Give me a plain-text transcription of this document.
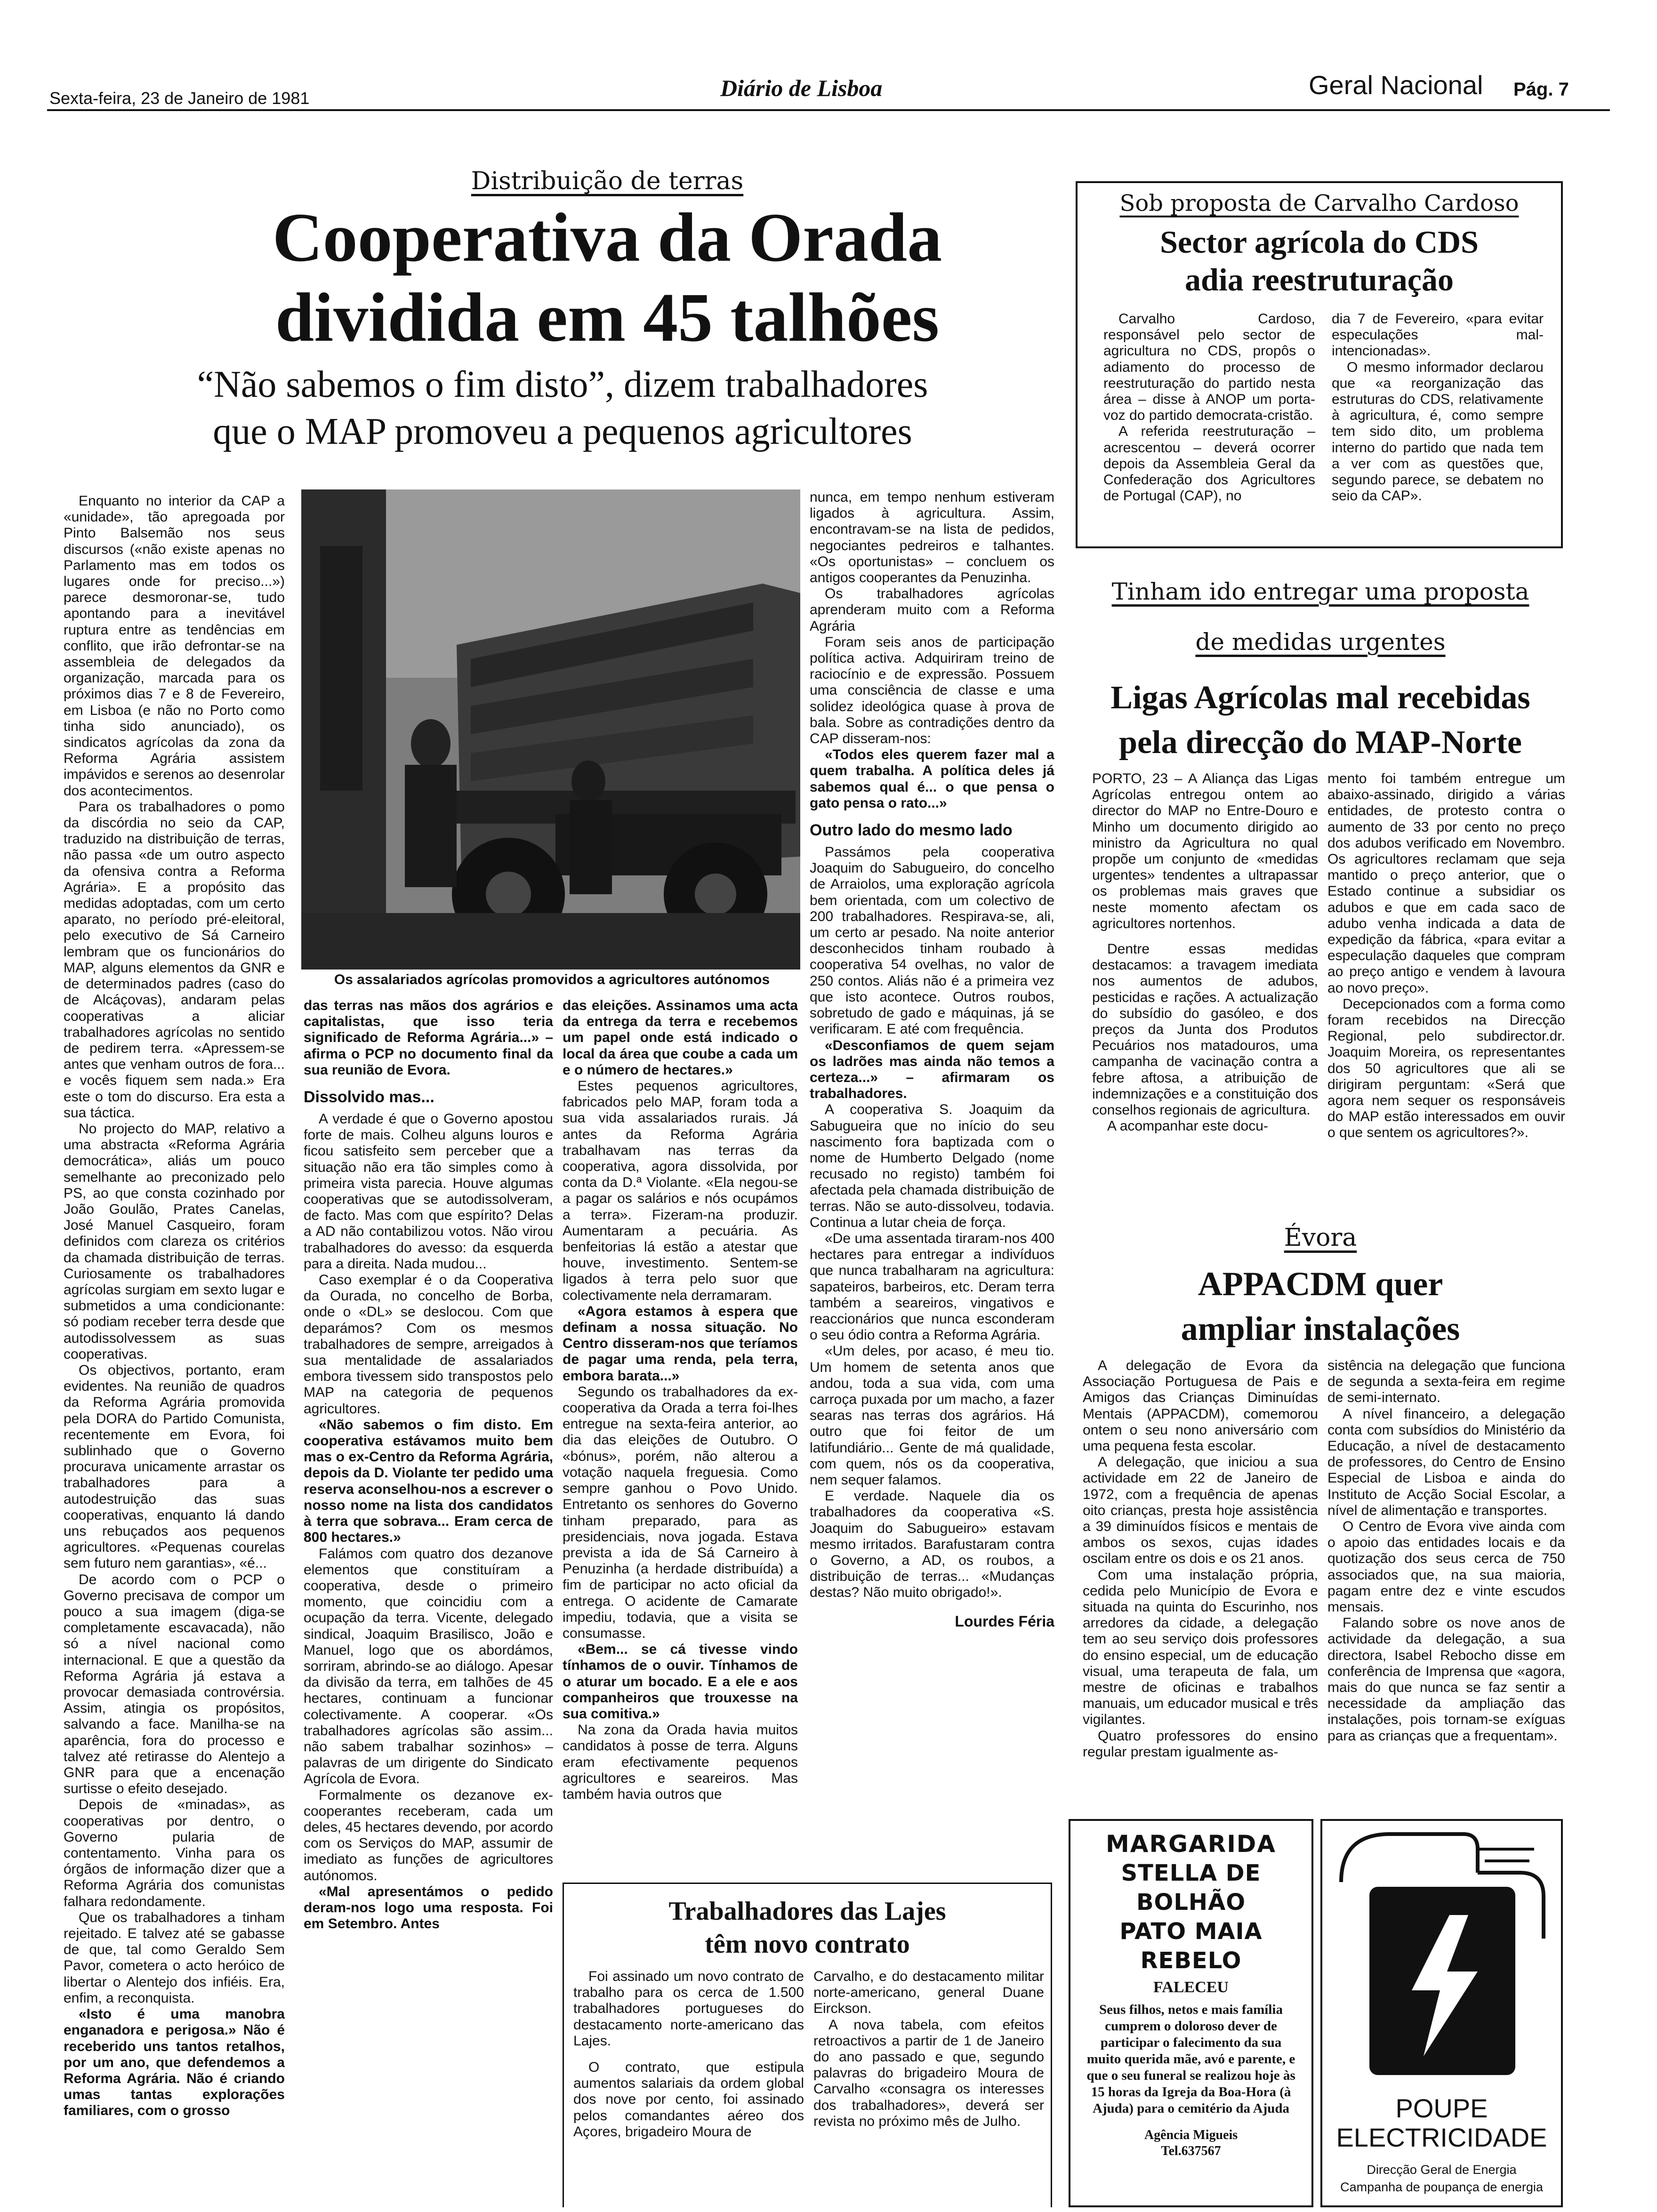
Sexta-feira, 23 de Janeiro de 1981	Diário de Lisboa	Geral Nacional Pág. 7
Distribuição de terras
Cooperativa da Orada
dividida em 45 talhões
“Não sabemos o fim disto”, dizem trabalhadores
que o MAP promoveu a pequenos agricultores
Os assalariados agrícolas promovidos a agricultores autónomos

Enquanto no interior da CAP a «unidade», tão apregoada por Pinto Balsemão nos seus discursos («não existe apenas no Parlamento mas em todos os lugares onde for preciso...») parece desmoronar-se, tudo apontando para a inevitável ruptura entre as tendências em conflito, que irão defrontar-se na assembleia de delegados da organização, marcada para os próximos dias 7 e 8 de Fevereiro, em Lisboa (e não no Porto como tinha sido anunciado), os sindicatos agrícolas da zona da Reforma Agrária assistem impávidos e serenos ao desenrolar dos acontecimentos.

Para os trabalhadores o pomo da discórdia no seio da CAP, traduzido na distribuição de terras, não passa «de um outro aspecto da ofensiva contra a Reforma Agrária». E a propósito das medidas adoptadas, com um certo aparato, no período pré-eleitoral, pelo executivo de Sá Carneiro lembram que os funcionários do MAP, alguns elementos da GNR e de determinados padres (caso do de Alcáçovas), andaram pelas cooperativas a aliciar trabalhadores agrícolas no sentido de pedirem terra. «Apressem-se antes que venham outros de fora... e vocês fiquem sem nada.» Era este o tom do discurso. Era esta a sua táctica.

No projecto do MAP, relativo a uma abstracta «Reforma Agrária democrática», aliás um pouco semelhante ao preconizado pelo PS, ao que consta cozinhado por João Goulão, Prates Canelas, José Manuel Casqueiro, foram definidos com clareza os critérios da chamada distribuição de terras. Curiosamente os trabalhadores agrícolas surgiam em sexto lugar e submetidos a uma condicionante: só podiam receber terra desde que autodissolvessem as suas cooperativas.

Os objectivos, portanto, eram evidentes. Na reunião de quadros da Reforma Agrária promovida pela DORA do Partido Comunista, recentemente em Evora, foi sublinhado que o Governo procurava unicamente arrastar os trabalhadores para a autodestruição das suas cooperativas, enquanto lá dando uns rebuçados aos pequenos agricultores. «Pequenas courelas sem futuro nem garantias», «é...

De acordo com o PCP o Governo precisava de compor um pouco a sua imagem (diga-se completamente escavacada), não só a nível nacional como internacional. E que a questão da Reforma Agrária já estava a provocar demasiada controvérsia. Assim, atingia os propósitos, salvando a face. Manilha-se na aparência, fora do processo e talvez até retirasse do Alentejo a GNR para que a encenação surtisse o efeito desejado.

Depois de «minadas», as cooperativas por dentro, o Governo pularia de contentamento. Vinha para os órgãos de informação dizer que a Reforma Agrária dos comunistas falhara redondamente.

Que os trabalhadores a tinham rejeitado. E talvez até se gabasse de que, tal como Geraldo Sem Pavor, cometera o acto heróico de libertar o Alentejo dos infiéis. Era, enfim, a reconquista.

«Isto é uma manobra enganadora e perigosa.» Não é receberido uns tantos retalhos, por um ano, que defendemos a Reforma Agrária. Não é criando umas tantas explorações familiares, com o grosso

das terras nas mãos dos agrários e capitalistas, que isso teria significado de Reforma Agrária...» – afirma o PCP no documento final da sua reunião de Evora.

Dissolvido mas...

A verdade é que o Governo apostou forte de mais. Colheu alguns louros e ficou satisfeito sem perceber que a situação não era tão simples como à primeira vista parecia. Houve algumas cooperativas que se autodissolveram, de facto. Mas com que espírito? Delas a AD não contabilizou votos. Não virou trabalhadores do avesso: da esquerda para a direita. Nada mudou...

Caso exemplar é o da Cooperativa da Ourada, no concelho de Borba, onde o «DL» se deslocou. Com que deparámos? Com os mesmos trabalhadores de sempre, arreigados à sua mentalidade de assalariados embora tivessem sido transpostos pelo MAP na categoria de pequenos agricultores.

«Não sabemos o fim disto. Em cooperativa estávamos muito bem mas o ex-Centro da Reforma Agrária, depois da D. Violante ter pedido uma reserva aconselhou-nos a escrever o nosso nome na lista dos candidatos à terra que sobrava... Eram cerca de 800 hectares.»

Falámos com quatro dos dezanove elementos que constituíram a cooperativa, desde o primeiro momento, que coincidiu com a ocupação da terra. Vicente, delegado sindical, Joaquim Brasilisco, João e Manuel, logo que os abordámos, sorriram, abrindo-se ao diálogo. Apesar da divisão da terra, em talhões de 45 hectares, continuam a funcionar colectivamente. A cooperar. «Os trabalhadores agrícolas são assim... não sabem trabalhar sozinhos» – palavras de um dirigente do Sindicato Agrícola de Evora.

Formalmente os dezanove ex-cooperantes receberam, cada um deles, 45 hectares devendo, por acordo com os Serviços do MAP, assumir de imediato as funções de agricultores autónomos.

«Mal apresentámos o pedido deram-nos logo uma resposta. Foi em Setembro. Antes

das eleições. Assinamos uma acta da entrega da terra e recebemos um papel onde está indicado o local da área que coube a cada um e o número de hectares.»

Estes pequenos agricultores, fabricados pelo MAP, foram toda a sua vida assalariados rurais. Já antes da Reforma Agrária trabalhavam nas terras da cooperativa, agora dissolvida, por conta da D.ª Violante. «Ela negou-se a pagar os salários e nós ocupámos a terra». Fizeram-na produzir. Aumentaram a pecuária. As benfeitorias lá estão a atestar que houve, investimento. Sentem-se ligados à terra pelo suor que colectivamente nela derramaram.

«Agora estamos à espera que definam a nossa situação. No Centro disseram-nos que teríamos de pagar uma renda, pela terra, embora barata...»

Segundo os trabalhadores da ex-cooperativa da Orada a terra foi-lhes entregue na sexta-feira anterior, ao dia das eleições de Outubro. O «bónus», porém, não alterou a votação naquela freguesia. Como sempre ganhou o Povo Unido. Entretanto os senhores do Governo tinham preparado, para as presidenciais, nova jogada. Estava prevista a ida de Sá Carneiro à Penuzinha (a herdade distribuída) a fim de participar no acto oficial da entrega. O acidente de Camarate impediu, todavia, que a visita se consumasse.

«Bem... se cá tivesse vindo tínhamos de o ouvir. Tínhamos de o aturar um bocado. E a ele e aos companheiros que trouxesse na sua comitiva.»

Na zona da Orada havia muitos candidatos à posse de terra. Alguns eram efectivamente pequenos agricultores e seareiros. Mas também havia outros que

nunca, em tempo nenhum estiveram ligados à agricultura. Assim, encontravam-se na lista de pedidos, negociantes pedreiros e talhantes. «Os oportunistas» – concluem os antigos cooperantes da Penuzinha.

Os trabalhadores agrícolas aprenderam muito com a Reforma Agrária

Foram seis anos de participação política activa. Adquiriram treino de raciocínio e de expressão. Possuem uma consciência de classe e uma solidez ideológica quase à prova de bala. Sobre as contradições dentro da CAP disseram-nos:

«Todos eles querem fazer mal a quem trabalha. A política deles já sabemos qual é... o que pensa o gato pensa o rato...»

Outro lado do mesmo lado

Passámos pela cooperativa Joaquim do Sabugueiro, do concelho de Arraiolos, uma exploração agrícola bem orientada, com um colectivo de 200 trabalhadores. Respirava-se, ali, um certo ar pesado. Na noite anterior desconhecidos tinham roubado à cooperativa 54 ovelhas, no valor de 250 contos. Aliás não é a primeira vez que isto acontece. Outros roubos, sobretudo de gado e máquinas, já se verificaram. E até com frequência.

«Desconfiamos de quem sejam os ladrões mas ainda não temos a certeza...» – afirmaram os trabalhadores.

A cooperativa S. Joaquim da Sabugueira que no início do seu nascimento fora baptizada com o nome de Humberto Delgado (nome recusado no registo) também foi afectada pela chamada distribuição de terras. Não se auto-dissolveu, todavia. Continua a lutar cheia de força.

«De uma assentada tiraram-nos 400 hectares para entregar a indivíduos que nunca trabalharam na agricultura: sapateiros, barbeiros, etc. Deram terra também a seareiros, vingativos e reaccionários que nunca esconderam o seu ódio contra a Reforma Agrária.

«Um deles, por acaso, é meu tio. Um homem de setenta anos que andou, toda a sua vida, com uma carroça puxada por um macho, a fazer searas nas terras dos agrários. Há outro que foi feitor de um latifundiário... Gente de má qualidade, com quem, nós os da cooperativa, nem sequer falamos.

E verdade. Naquele dia os trabalhadores da cooperativa «S. Joaquim do Sabugueiro» estavam mesmo irritados. Barafustaram contra o Governo, a AD, os roubos, a distribuição de terras... «Mudanças destas? Não muito obrigado!».

Lourdes Féria
Sob proposta de Carvalho Cardoso
Sector agrícola do CDS
adia reestruturação

Carvalho Cardoso, responsável pelo sector de agricultura no CDS, propôs o adiamento do processo de reestruturação do partido nesta área – disse à ANOP um porta-voz do partido democrata-cristão.

A referida reestruturação – acrescentou – deverá ocorrer depois da Assembleia Geral da Confederação dos Agricultores de Portugal (CAP), no

dia 7 de Fevereiro, «para evitar especulações mal-intencionadas».

O mesmo informador declarou que «a reorganização das estruturas do CDS, relativamente à agricultura, é, como sempre tem sido dito, um problema interno do partido que nada tem a ver com as questões que, segundo parece, se debatem no seio da CAP».

Tinham ido entregar uma proposta
de medidas urgentes
Ligas Agrícolas mal recebidas
pela direcção do MAP-Norte

PORTO, 23 – A Aliança das Ligas Agrícolas entregou ontem ao director do MAP no Entre-Douro e Minho um documento dirigido ao ministro da Agricultura no qual propõe um conjunto de «medidas urgentes» tendentes a ultrapassar os problemas mais graves que neste momento afectam os agricultores nortenhos.

Dentre essas medidas destacamos: a travagem imediata nos aumentos de adubos, pesticidas e rações. A actualização do subsídio do gasóleo, e dos preços da Junta dos Produtos Pecuários nos matadouros, uma campanha de vacinação contra a febre aftosa, a atribuição de indemnizações e a constituição dos conselhos regionais de agricultura.

A acompanhar este docu-

mento foi também entregue um abaixo-assinado, dirigido a várias entidades, de protesto contra o aumento de 33 por cento no preço dos adubos verificado em Novembro. Os agricultores reclamam que seja mantido o preço anterior, que o Estado continue a subsidiar os adubos e que em cada saco de adubo venha indicada a data de expedição da fábrica, «para evitar a especulação daqueles que compram ao preço antigo e vendem à lavoura ao novo preço».

Decepcionados com a forma como foram recebidos na Direcção Regional, pelo subdirector.dr. Joaquim Moreira, os representantes dos 50 agricultores que ali se dirigiram perguntam: «Será que agora nem sequer os responsáveis do MAP estão interessados em ouvir o que sentem os agricultores?».

Évora
APPACDM quer
ampliar instalações

A delegação de Evora da Associação Portuguesa de Pais e Amigos das Crianças Diminuídas Mentais (APPACDM), comemorou ontem o seu nono aniversário com uma pequena festa escolar.

A delegação, que iniciou a sua actividade em 22 de Janeiro de 1972, com a frequência de apenas oito crianças, presta hoje assistência a 39 diminuídos físicos e mentais de ambos os sexos, cujas idades oscilam entre os dois e os 21 anos.

Com uma instalação própria, cedida pelo Município de Evora e situada na quinta do Escurinho, nos arredores da cidade, a delegação tem ao seu serviço dois professores do ensino especial, um de educação visual, uma terapeuta de fala, um mestre de oficinas e trabalhos manuais, um educador musical e três vigilantes.

Quatro professores do ensino regular prestam igualmente as-

sistência na delegação que funciona de segunda a sexta-feira em regime de semi-internato.

A nível financeiro, a delegação conta com subsídios do Ministério da Educação, a nível de destacamento de professores, do Centro de Ensino Especial de Lisboa e ainda do Instituto de Acção Social Escolar, a nível de alimentação e transportes.

O Centro de Evora vive ainda com o apoio das entidades locais e da quotização dos seus cerca de 750 associados que, na sua maioria, pagam entre dez e vinte escudos mensais.

Falando sobre os nove anos de actividade da delegação, a sua directora, Isabel Rebocho disse em conferência de Imprensa que «agora, mais do que nunca se faz sentir a necessidade da ampliação das instalações, pois tornam-se exíguas para as crianças que a frequentam».

Trabalhadores das Lajes
têm novo contrato

Foi assinado um novo contrato de trabalho para os cerca de 1.500 trabalhadores portugueses do destacamento norte-americano das Lajes.

O contrato, que estipula aumentos salariais da ordem global dos nove por cento, foi assinado pelos comandantes aéreo dos Açores, brigadeiro Moura de

Carvalho, e do destacamento militar norte-americano, general Duane Eirckson.

A nova tabela, com efeitos retroactivos a partir de 1 de Janeiro do ano passado e que, segundo palavras do brigadeiro Moura de Carvalho «consagra os interesses dos trabalhadores», deverá ser revista no próximo mês de Julho.

MARGARIDA
STELLA DE BOLHÃO
PATO MAIA REBELO
FALECEU
Seus filhos, netos e mais família cumprem o doloroso dever de participar o falecimento da sua muito querida mãe, avó e parente, e que o seu funeral se realizou hoje às 15 horas da Igreja da Boa-Hora (à Ajuda) para o cemitério da Ajuda
Agência Migueis
Tel.637567
POUPE
ELECTRICIDADE
Direcção Geral de Energia
Campanha de poupança de energia
